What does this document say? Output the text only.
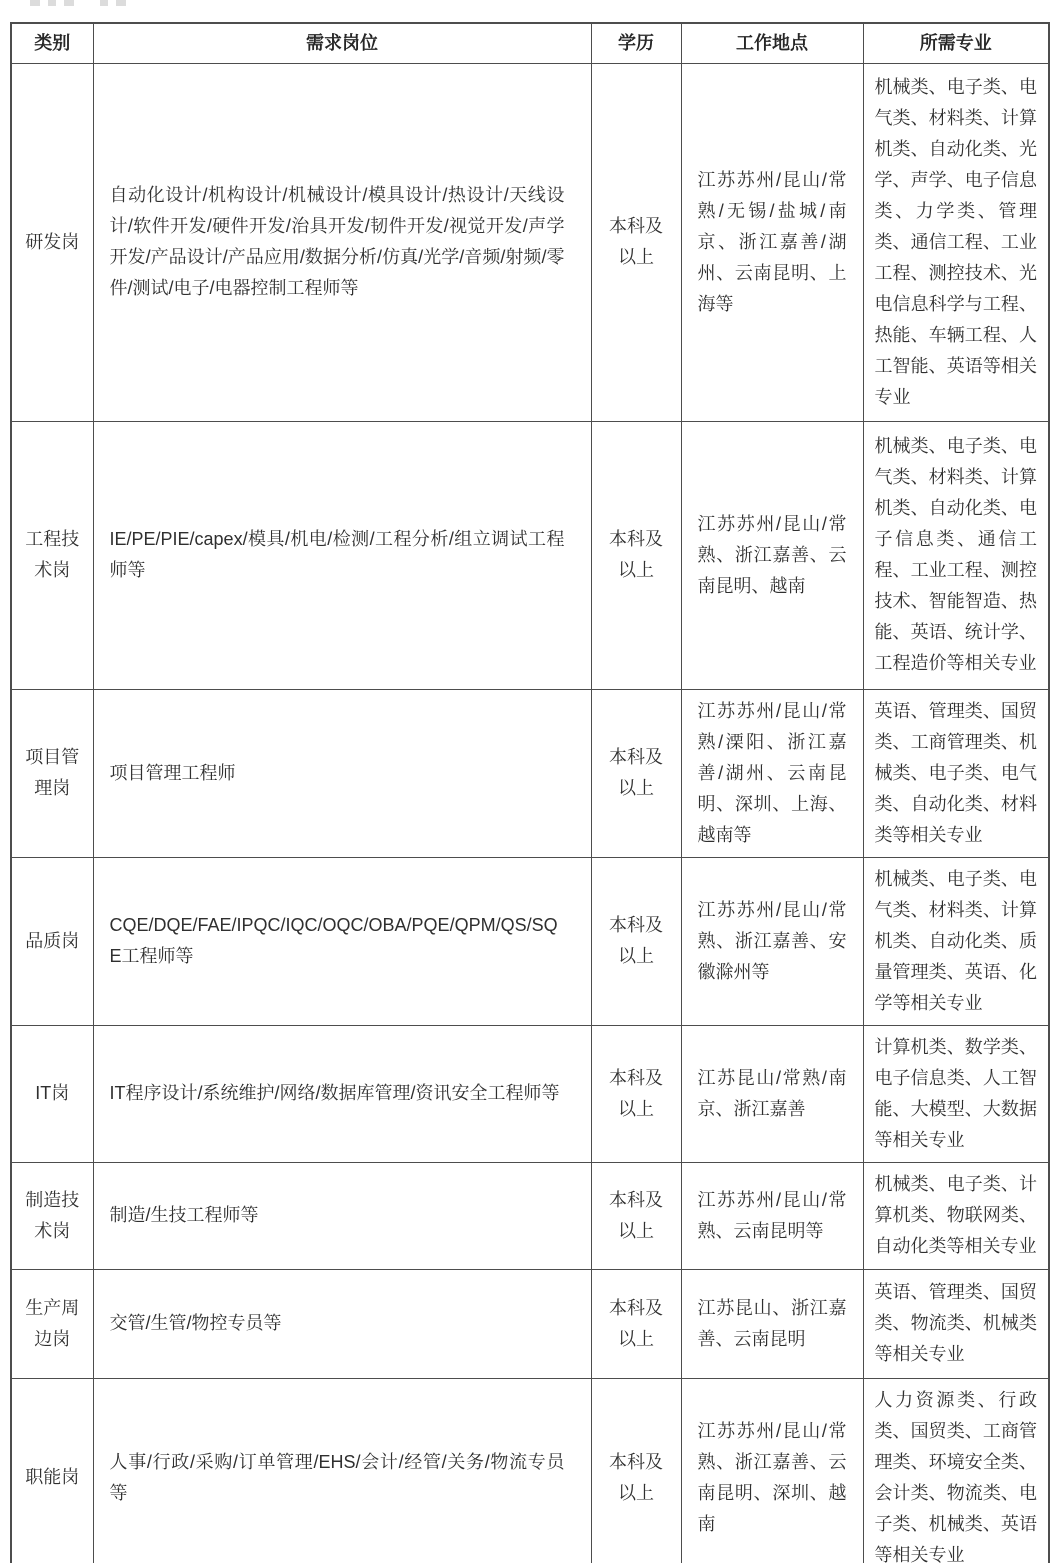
类别	需求岗位	学历	工作地点	所需专业
研发岗	自动化设计/机构设计/机械设计/模具设计/热设计/天线设计/软件开发/硬件开发/治具开发/韧件开发/视觉开发/声学开发/产品设计/产品应用/数据分析/仿真/光学/音频/射频/零件/测试/电子/电器控制工程师等	本科及以上	江苏苏州/昆山/常熟/无锡/盐城/南京、浙江嘉善/湖州、云南昆明、上海等	机械类、电子类、电气类、材料类、计算机类、自动化类、光学、声学、电子信息类、力学类、管理类、通信工程、工业工程、测控技术、光电信息科学与工程、热能、车辆工程、人工智能、英语等相关专业
工程技术岗	IE/PE/PIE/capex/模具/机电/检测/工程分析/组立调试工程师等	本科及以上	江苏苏州/昆山/常熟、浙江嘉善、云南昆明、越南	机械类、电子类、电气类、材料类、计算机类、自动化类、电子信息类、通信工程、工业工程、测控技术、智能智造、热能、英语、统计学、工程造价等相关专业
项目管理岗	项目管理工程师	本科及以上	江苏苏州/昆山/常熟/溧阳、浙江嘉善/湖州、云南昆明、深圳、上海、越南等	英语、管理类、国贸类、工商管理类、机械类、电子类、电气类、自动化类、材料类等相关专业
品质岗	CQE/DQE/FAE/IPQC/IQC/OQC/OBA/PQE/QPM/QS/SQE工程师等	本科及以上	江苏苏州/昆山/常熟、浙江嘉善、安徽滁州等	机械类、电子类、电气类、材料类、计算机类、自动化类、质量管理类、英语、化学等相关专业
IT岗	IT程序设计/系统维护/网络/数据库管理/资讯安全工程师等	本科及以上	江苏昆山/常熟/南京、浙江嘉善	计算机类、数学类、电子信息类、人工智能、大模型、大数据等相关专业
制造技术岗	制造/生技工程师等	本科及以上	江苏苏州/昆山/常熟、云南昆明等	机械类、电子类、计算机类、物联网类、自动化类等相关专业
生产周边岗	交管/生管/物控专员等	本科及以上	江苏昆山、浙江嘉善、云南昆明	英语、管理类、国贸类、物流类、机械类等相关专业
职能岗	人事/行政/采购/订单管理/EHS/会计/经管/关务/物流专员等	本科及以上	江苏苏州/昆山/常熟、浙江嘉善、云南昆明、深圳、越南	人力资源类、行政类、国贸类、工商管理类、环境安全类、会计类、物流类、电子类、机械类、英语等相关专业
